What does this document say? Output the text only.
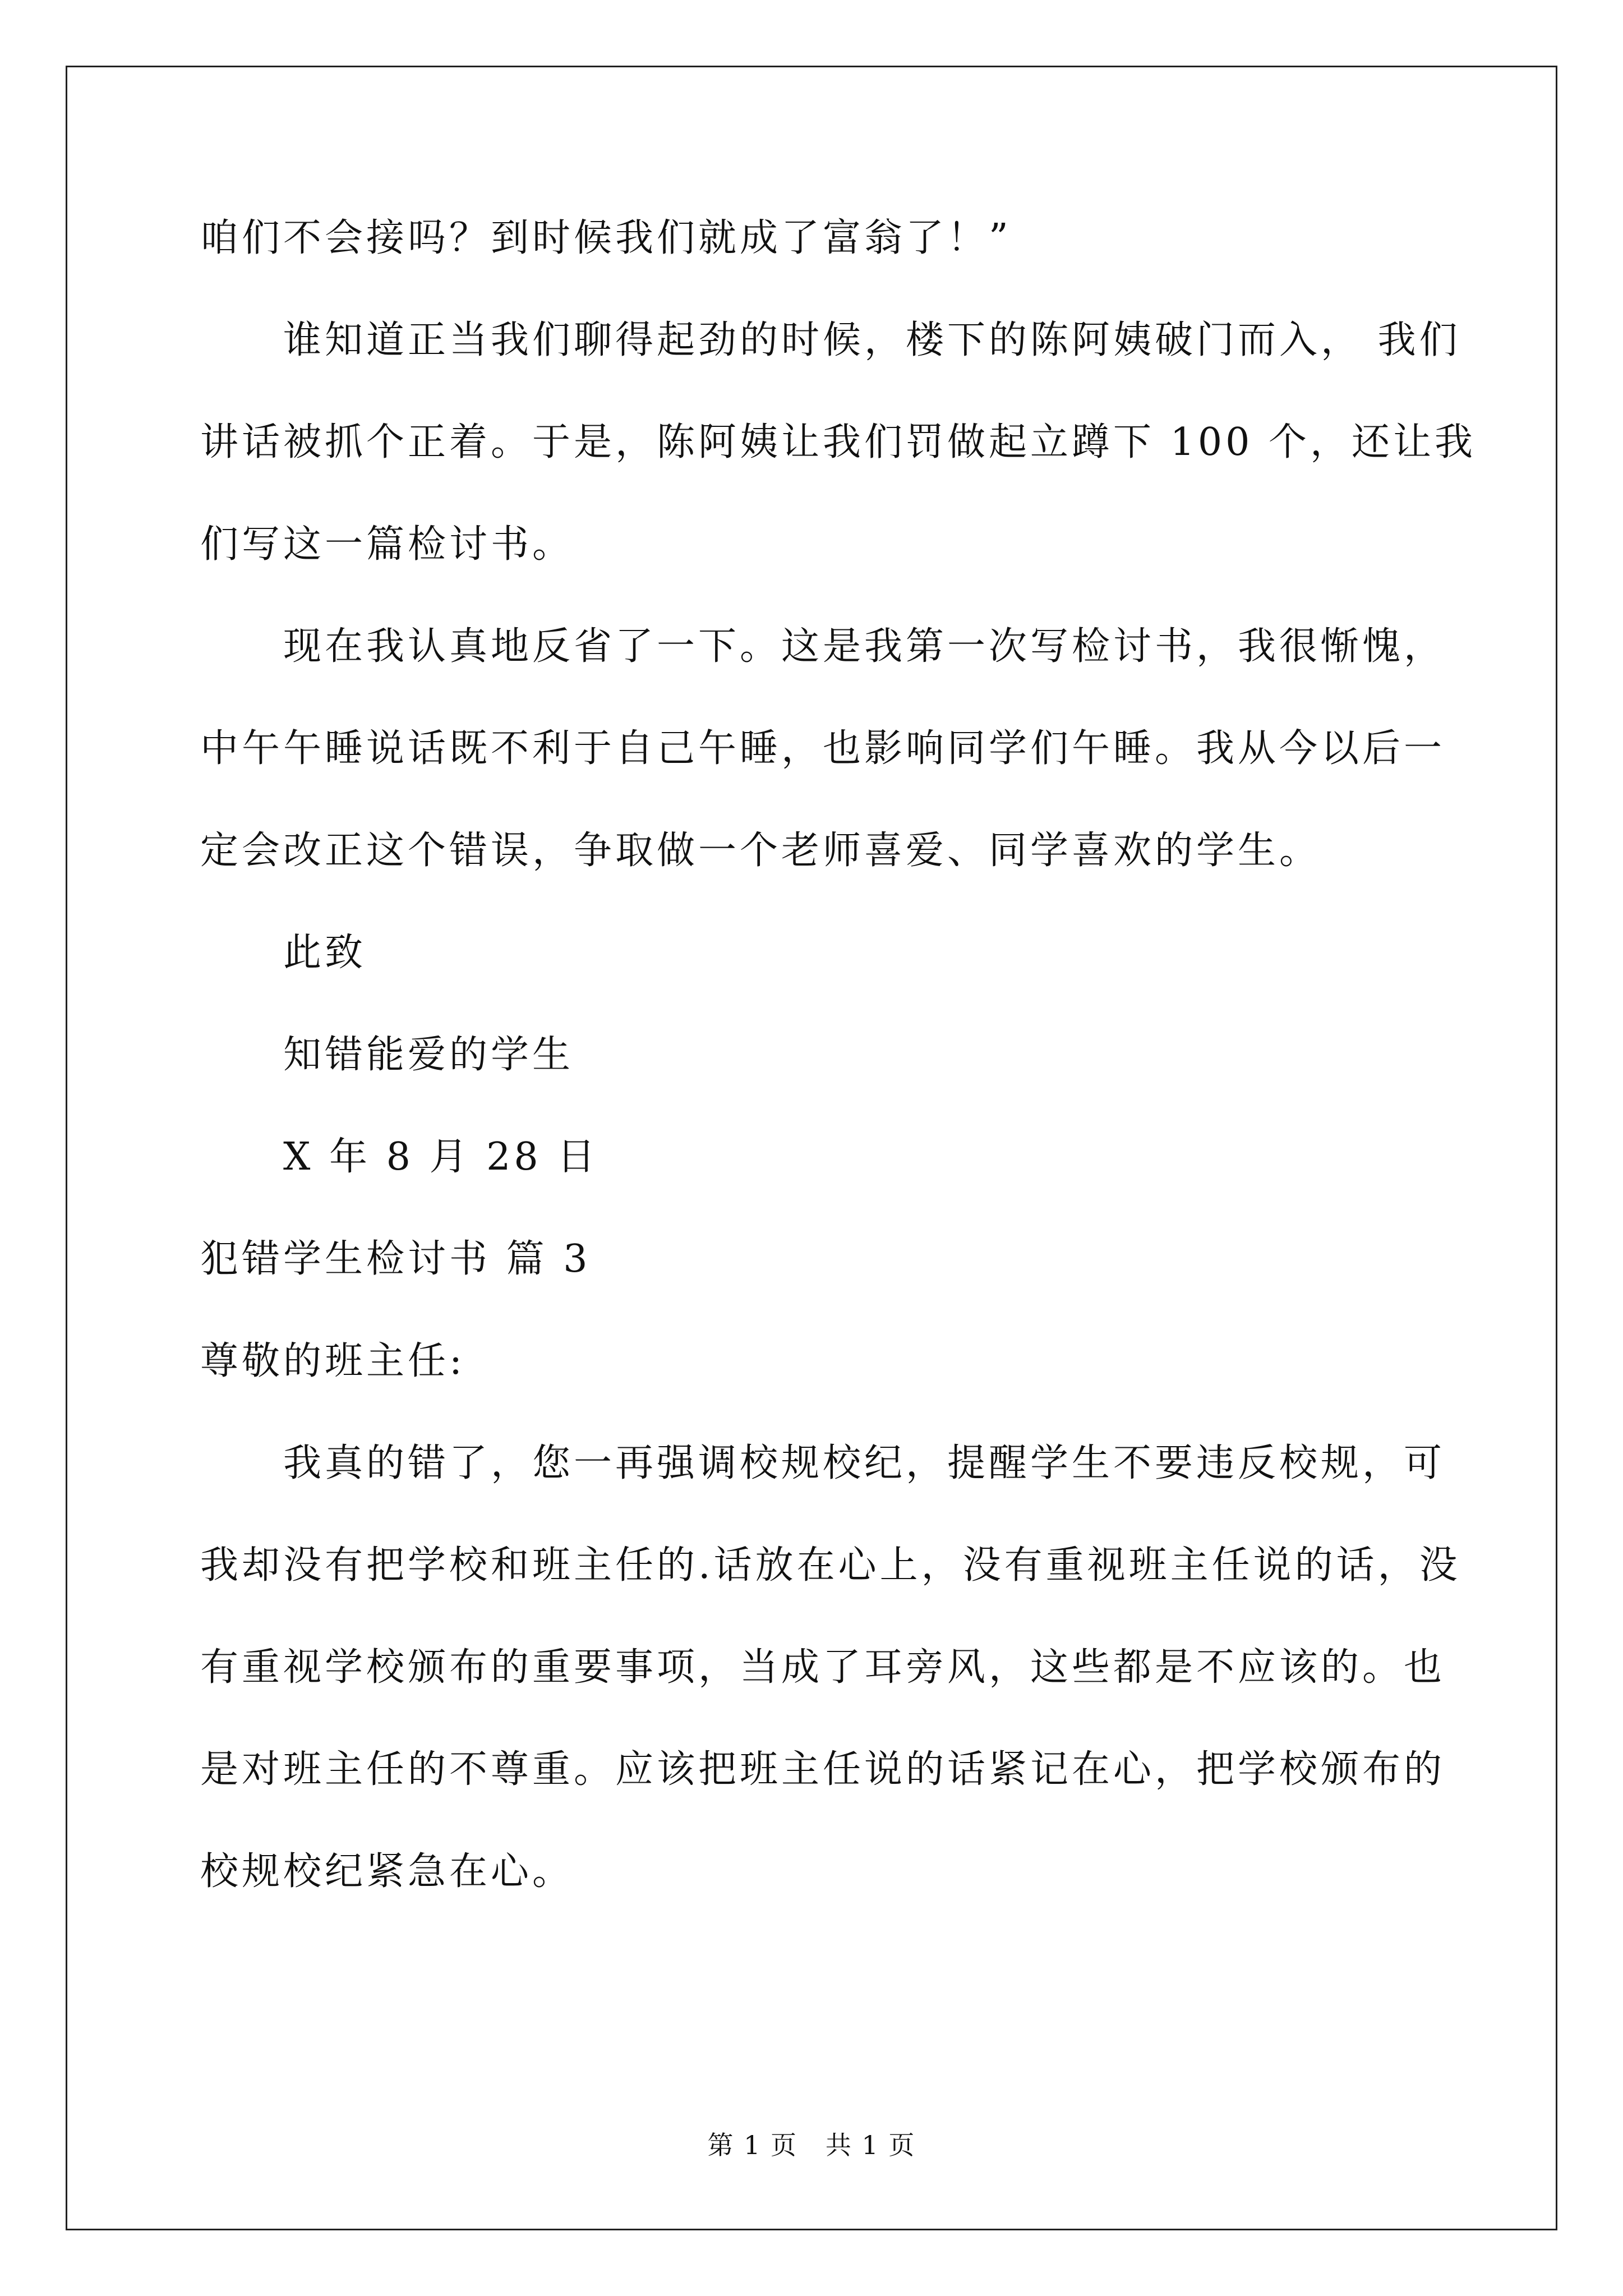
咱们不会接吗？到时候我们就成了富翁了！”
谁知道正当我们聊得起劲的时候，楼下的陈阿姨破门而入， 我们
讲话被抓个正着。于是，陈阿姨让我们罚做起立蹲下 100 个，还让我
们写这一篇检讨书。
现在我认真地反省了一下。这是我第一次写检讨书，我很惭愧，
中午午睡说话既不利于自己午睡，也影响同学们午睡。我从今以后一
定会改正这个错误，争取做一个老师喜爱、同学喜欢的学生。
此致
知错能爱的学生
X 年 8 月 28 日
犯错学生检讨书 篇 3
尊敬的班主任:
我真的错了，您一再强调校规校纪，提醒学生不要违反校规，可
我却没有把学校和班主任的.话放在心上，没有重视班主任说的话，没
有重视学校颁布的重要事项，当成了耳旁风，这些都是不应该的。也
是对班主任的不尊重。应该把班主任说的话紧记在心，把学校颁布的
校规校纪紧急在心。
第 1 页   共 1 页
